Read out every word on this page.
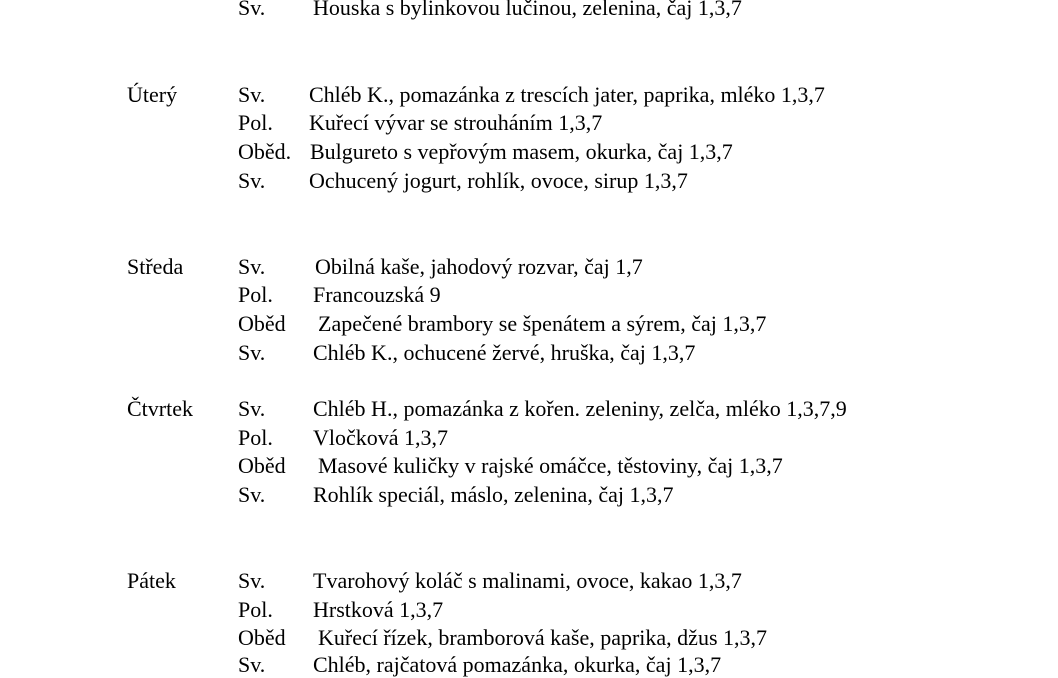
Sv. Houska s bylinkovou lučinou, zelenina, čaj 1,3,7
Úterý	Sv. Chléb K., pomazánka z trescích jater, paprika, mléko 1,3,7
Pol. Kuřecí vývar se strouháním 1,3,7
Oběd. Bulgureto s vepřovým masem, okurka, čaj 1,3,7
Sv. Ochucený jogurt, rohlík, ovoce, sirup 1,3,7
Středa Sv. Obilná kaše, jahodový rozvar, čaj 1,7
Pol. Francouzská 9
Oběd Zapečené brambory se špenátem a sýrem, čaj 1,3,7
Sv. Chléb K., ochucené žervé, hruška, čaj 1,3,7
Čtvrtek Sv. Chléb H., pomazánka z kořen. zeleniny, zelča, mléko 1,3,7,9
Pol. Vločková 1,3,7
Oběd Masové kuličky v rajské omáčce, těstoviny, čaj 1,3,7
Sv. Rohlík speciál, máslo, zelenina, čaj 1,3,7
Pátek	Sv. Tvarohový koláč s malinami, ovoce, kakao 1,3,7
Pol. Hrstková 1,3,7
Oběd Kuřecí řízek, bramborová kaše, paprika, džus 1,3,7
Sv. Chléb, rajčatová pomazánka, okurka, čaj 1,3,7
